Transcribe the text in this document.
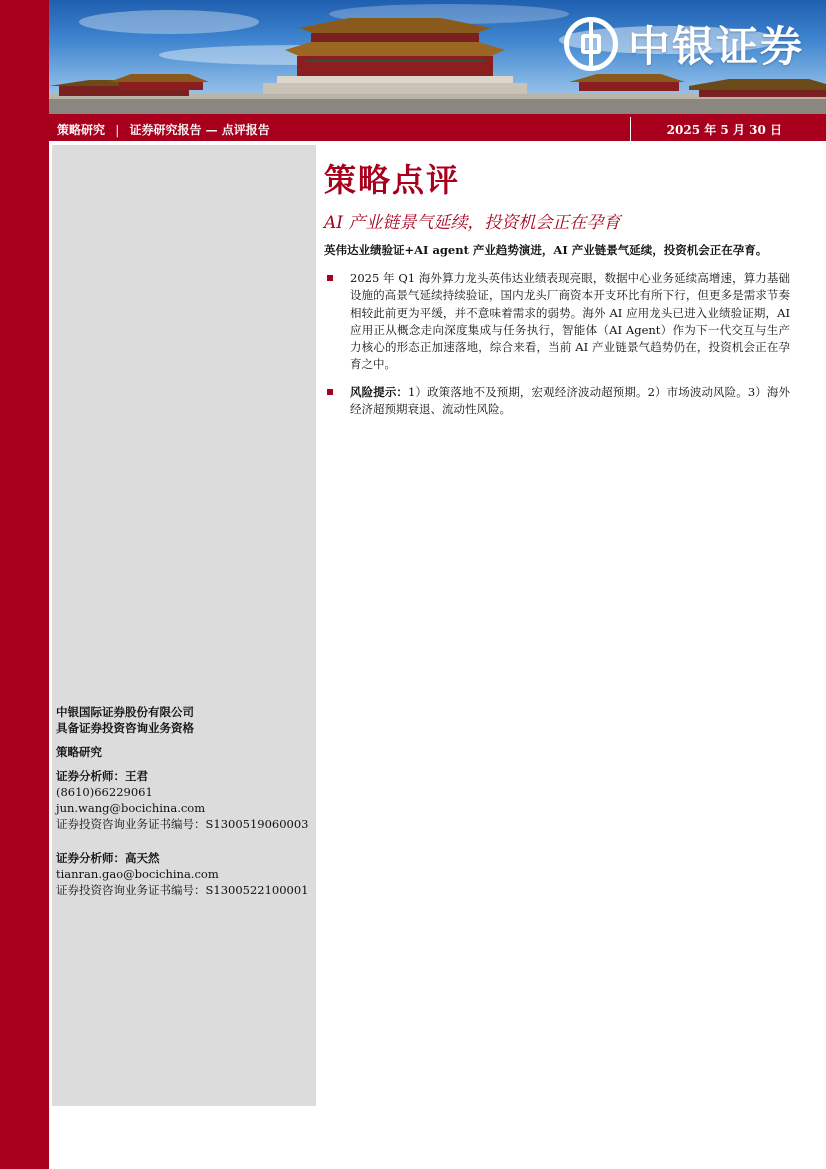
中银证券
策略研究 | 证券研究报告 — 点评报告	2025 年 5 月 30 日
中银国际证券股份有限公司
具备证券投资咨询业务资格
策略研究
证券分析师：王君
(8610)66229061
jun.wang@bocichina.com
证券投资咨询业务证书编号：S1300519060003
证券分析师：高天然
tianran.gao@bocichina.com
证券投资咨询业务证书编号：S1300522100001
策略点评
AI 产业链景气延续，投资机会正在孕育
英伟达业绩验证+AI agent 产业趋势演进，AI 产业链景气延续，投资机会正在孕育。
2025 年 Q1 海外算力龙头英伟达业绩表现亮眼，数据中心业务延续高增速，算力基础设施的高景气延续持续验证，国内龙头厂商资本开支环比有所下行，但更多是需求节奏相较此前更为平缓，并不意味着需求的弱势。海外 AI 应用龙头已进入业绩验证期，AI 应用正从概念走向深度集成与任务执行，智能体（AI Agent）作为下一代交互与生产力核心的形态正加速落地，综合来看，当前 AI 产业链景气趋势仍在，投资机会正在孕育之中。
风险提示：1）政策落地不及预期，宏观经济波动超预期。2）市场波动风险。3）海外经济超预期衰退、流动性风险。
